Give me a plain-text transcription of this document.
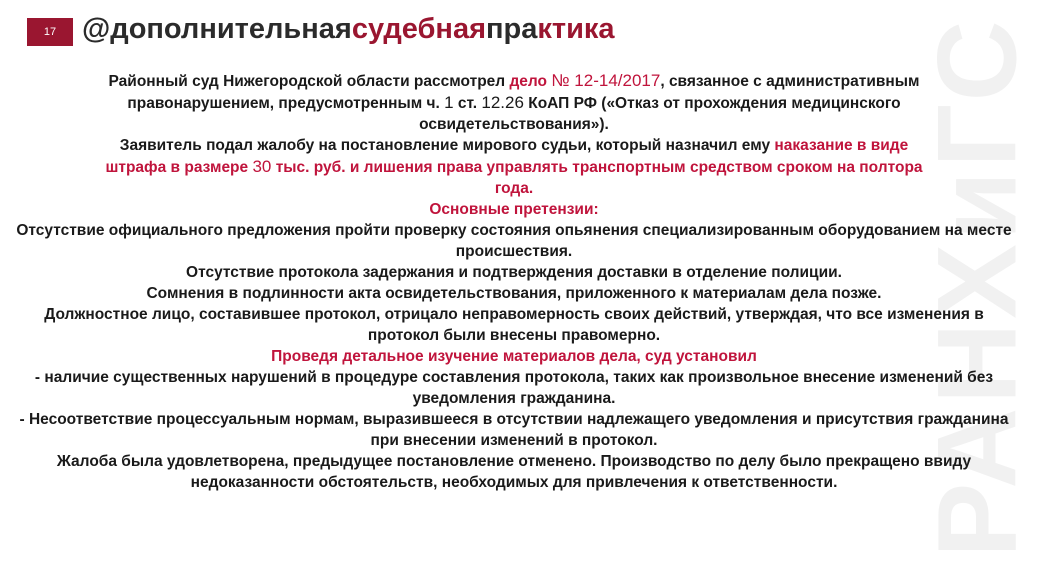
17 @дополнительнаясудебнаяпрактика	РАНХиГС

Районный суд Нижегородской области рассмотрел дело № 12-14/2017, связанное с административным правонарушением, предусмотренным ч. 1 ст. 12.26 КоАП РФ («Отказ от прохождения медицинского освидетельствования»).

Заявитель подал жалобу на постановление мирового судьи, который назначил ему наказание в виде штрафа в размере 30 тыс. руб. и лишения права управлять транспортным средством сроком на полтора года.

Основные претензии:

Отсутствие официального предложения пройти проверку состояния опьянения специализированным оборудованием на месте происшествия.

Отсутствие протокола задержания и подтверждения доставки в отделение полиции.

Сомнения в подлинности акта освидетельствования, приложенного к материалам дела позже.

Должностное лицо, составившее протокол, отрицало неправомерность своих действий, утверждая, что все изменения в протокол были внесены правомерно.

Проведя детальное изучение материалов дела, суд установил

- наличие существенных нарушений в процедуре составления протокола, таких как произвольное внесение изменений без уведомления гражданина.

- Несоответствие процессуальным нормам, выразившееся в отсутствии надлежащего уведомления и присутствия гражданина при внесении изменений в протокол.

Жалоба была удовлетворена, предыдущее постановление отменено. Производство по делу было прекращено ввиду недоказанности обстоятельств, необходимых для привлечения к ответственности.
